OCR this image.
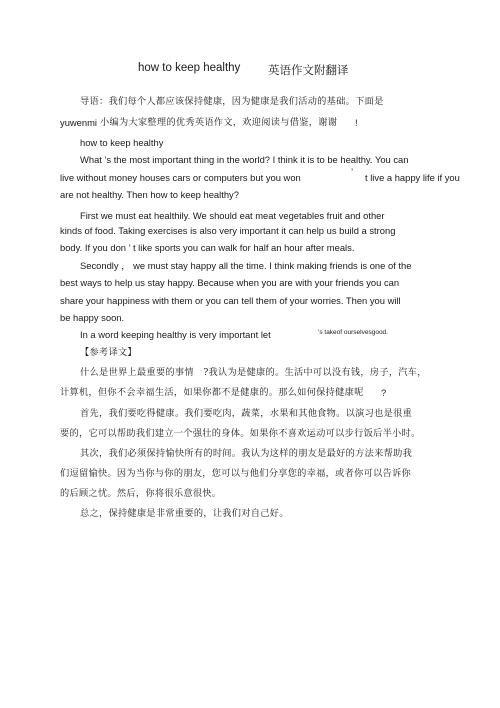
how to keep healthy 英语作文附翻译
导语：我们每个人都应该保持健康，因为健康是我们活动的基础。下面是
yuwenmi 小编为大家整理的优秀英语作文，欢迎阅读与借鉴，谢谢 !
how to keep healthy
What ’s the most important thing in the world? I think it is to be healthy. You can
live without money houses cars or computers but you won
’
t live a happy life if you
are not healthy. Then how to keep healthy?
First we must eat healthily. We should eat meat vegetables fruit and other
kinds of food. Taking exercises is also very important it can help us build a strong
body. If you don ’ t like sports you can walk for half an hour after meals.
Secondly ， we must stay happy all the time. I think making friends is one of the
best ways to help us stay happy. Because when you are with your friends you can
share your happiness with them or you can tell them of your worries. Then you will
be happy soon.
In a word keeping healthy is very important let	’s takeof ourselvesgood.
【参考译文】
什么是世界上最重要的事情　?我认为是健康的。生活中可以没有钱，房子，汽车，
计算机，但你不会幸福生活，如果你都不是健康的。那么如何保持健康呢 ?
首先，我们要吃得健康。我们要吃肉，蔬菜，水果和其他食物。以演习也是很重
要的，它可以帮助我们建立一个强壮的身体。如果你不喜欢运动可以步行饭后半小时。
其次，我们必须保持愉快所有的时间。我认为这样的朋友是最好的方法来帮助我
们逗留愉快。因为当你与你的朋友，您可以与他们分享您的幸福，或者你可以告诉你
的后顾之忧。然后，你将很乐意很快。
总之，保持健康是非常重要的，让我们对自己好。
